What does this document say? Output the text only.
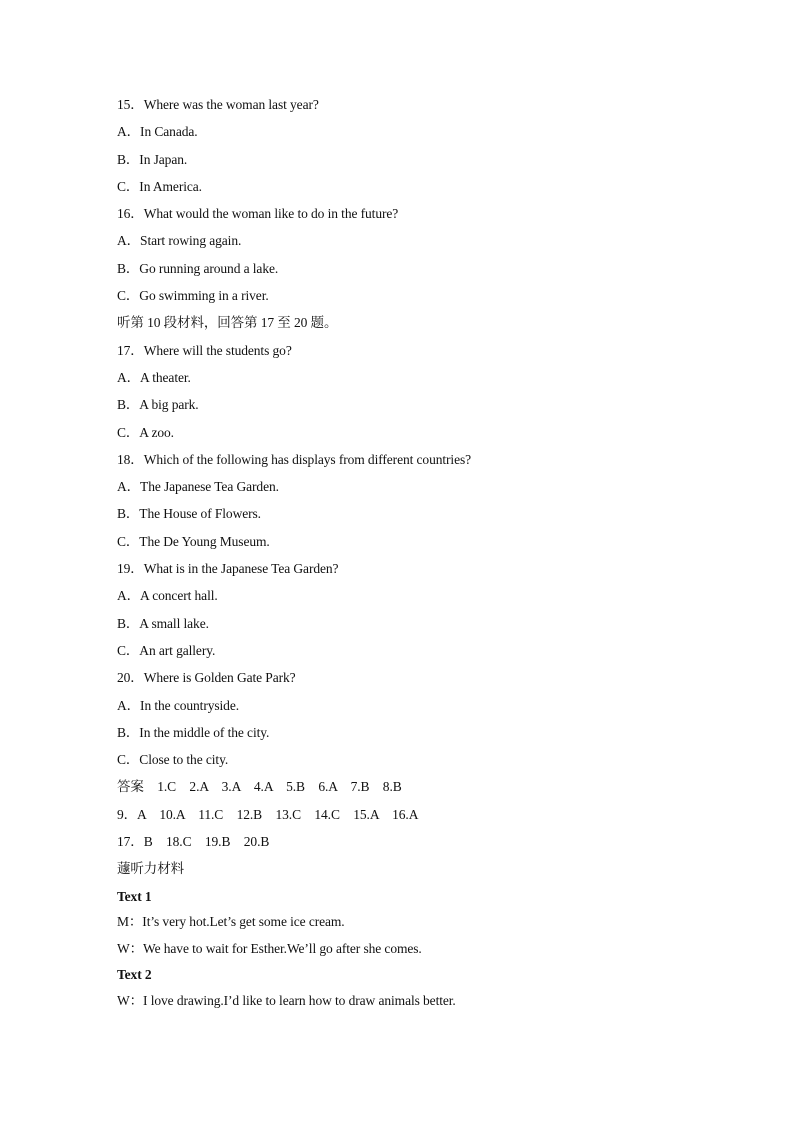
15．Where was the woman last year?
A．In Canada.
B．In Japan.
C．In America.
16．What would the woman like to do in the future?
A．Start rowing again.
B．Go running around a lake.
C．Go swimming in a river.
听第 10 段材料，回答第 17 至 20 题。
17．Where will the students go?
A．A theater.
B．A big park.
C．A zoo.
18．Which of the following has displays from different countries?
A．The Japanese Tea Garden.
B．The House of Flowers.
C．The De Young Museum.
19．What is in the Japanese Tea Garden?
A．A concert hall.
B．A small lake.
C．An art gallery.
20．Where is Golden Gate Park?
A．In the countryside.
B．In the middle of the city.
C．Close to the city.
答案　1.C　2.A　3.A　4.A　5.B　6.A　7.B　8.B
9．A　10.A　11.C　12.B　13.C　14.C　15.A　16.A
17．B　18.C　19.B　20.B
蘧听力材料
Text 1
M：It’s very hot.Let’s get some ice cream.
W：We have to wait for Esther.We’ll go after she comes.
Text 2
W：I love drawing.I’d like to learn how to draw animals better.
